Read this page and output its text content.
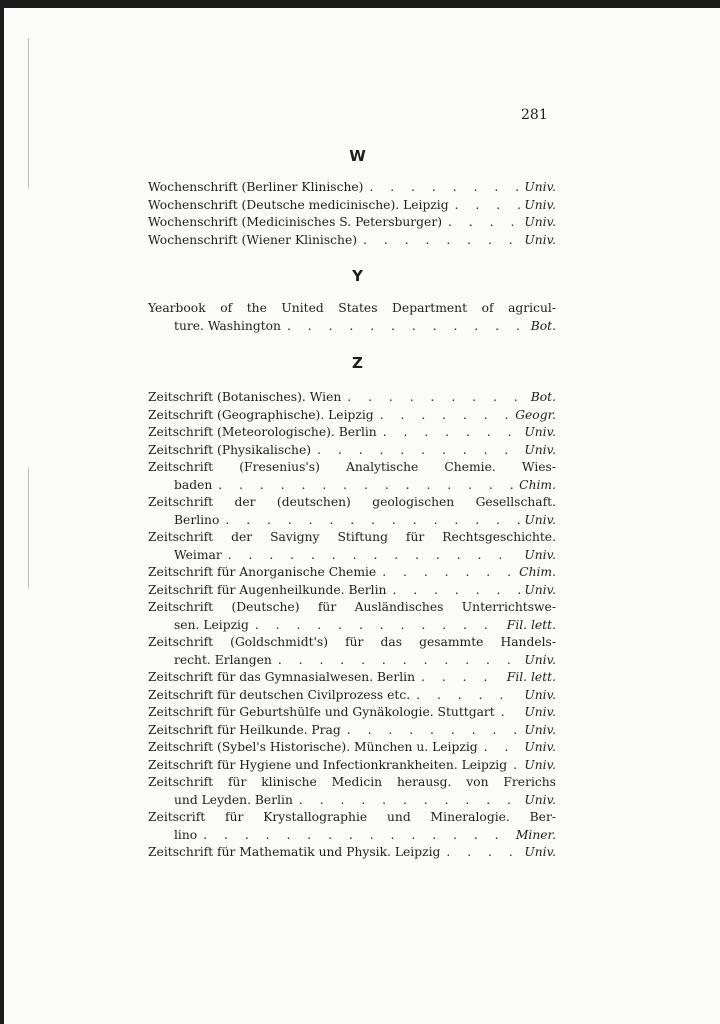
281
W
Wochenschrift (Berliner Klinische) . . .	Univ.
Wochenschrift (Deutsche medicinische). Leipzig . . .	Univ.
Wochenschrift (Medicinisches S. Petersburger) . . .	Univ.
Wochenschrift (Wiener Klinische) . . .	Univ.
Y
Yearbook of the United States Department of agricul-
ture. Washington . . .	Bot.
Z
Zeitschrift (Botanisches). Wien . . .	Bot.
Zeitschrift (Geographische). Leipzig . . .	Geogr.
Zeitschrift (Meteorologische). Berlin . . .	Univ.
Zeitschrift (Physikalische) . . .	Univ.
Zeitschrift (Fresenius's) Analytische Chemie. Wies-
baden . . .	Chim.
Zeitschrift der (deutschen) geologischen Gesellschaft.
Berlino . . .	Univ.
Zeitschrift der Savigny Stiftung für Rechtsgeschichte.
Weimar . . .	Univ.
Zeitschrift für Anorganische Chemie . . .	Chim.
Zeitschrift für Augenheilkunde. Berlin . . .	Univ.
Zeitschrift (Deutsche) für Ausländisches Unterrichtswe-
sen. Leipzig . . .	Fil. lett.
Zeitschrift (Goldschmidt's) für das gesammte Handels-
recht. Erlangen . . .	Univ.
Zeitschrift für das Gymnasialwesen. Berlin . . .	Fil. lett.
Zeitschrift für deutschen Civilprozess etc. . . .	Univ.
Zeitschrift für Geburtshülfe und Gynäkologie. Stuttgart . . . Univ.
Zeitschrift für Heilkunde. Prag . . .	Univ.
Zeitschrift (Sybel's Historische). München u. Leipzig . . .	Univ.
Zeitschrift für Hygiene und Infectionkrankheiten. Leipzig . . . Univ.
Zeitschrift für klinische Medicin herausg. von Frerichs
und Leyden. Berlin . . .	Univ.
Zeitscrift für Krystallographie und Mineralogie. Ber-
lino . . .	Miner.
Zeitschrift für Mathematik und Physik. Leipzig . . .	Univ.
